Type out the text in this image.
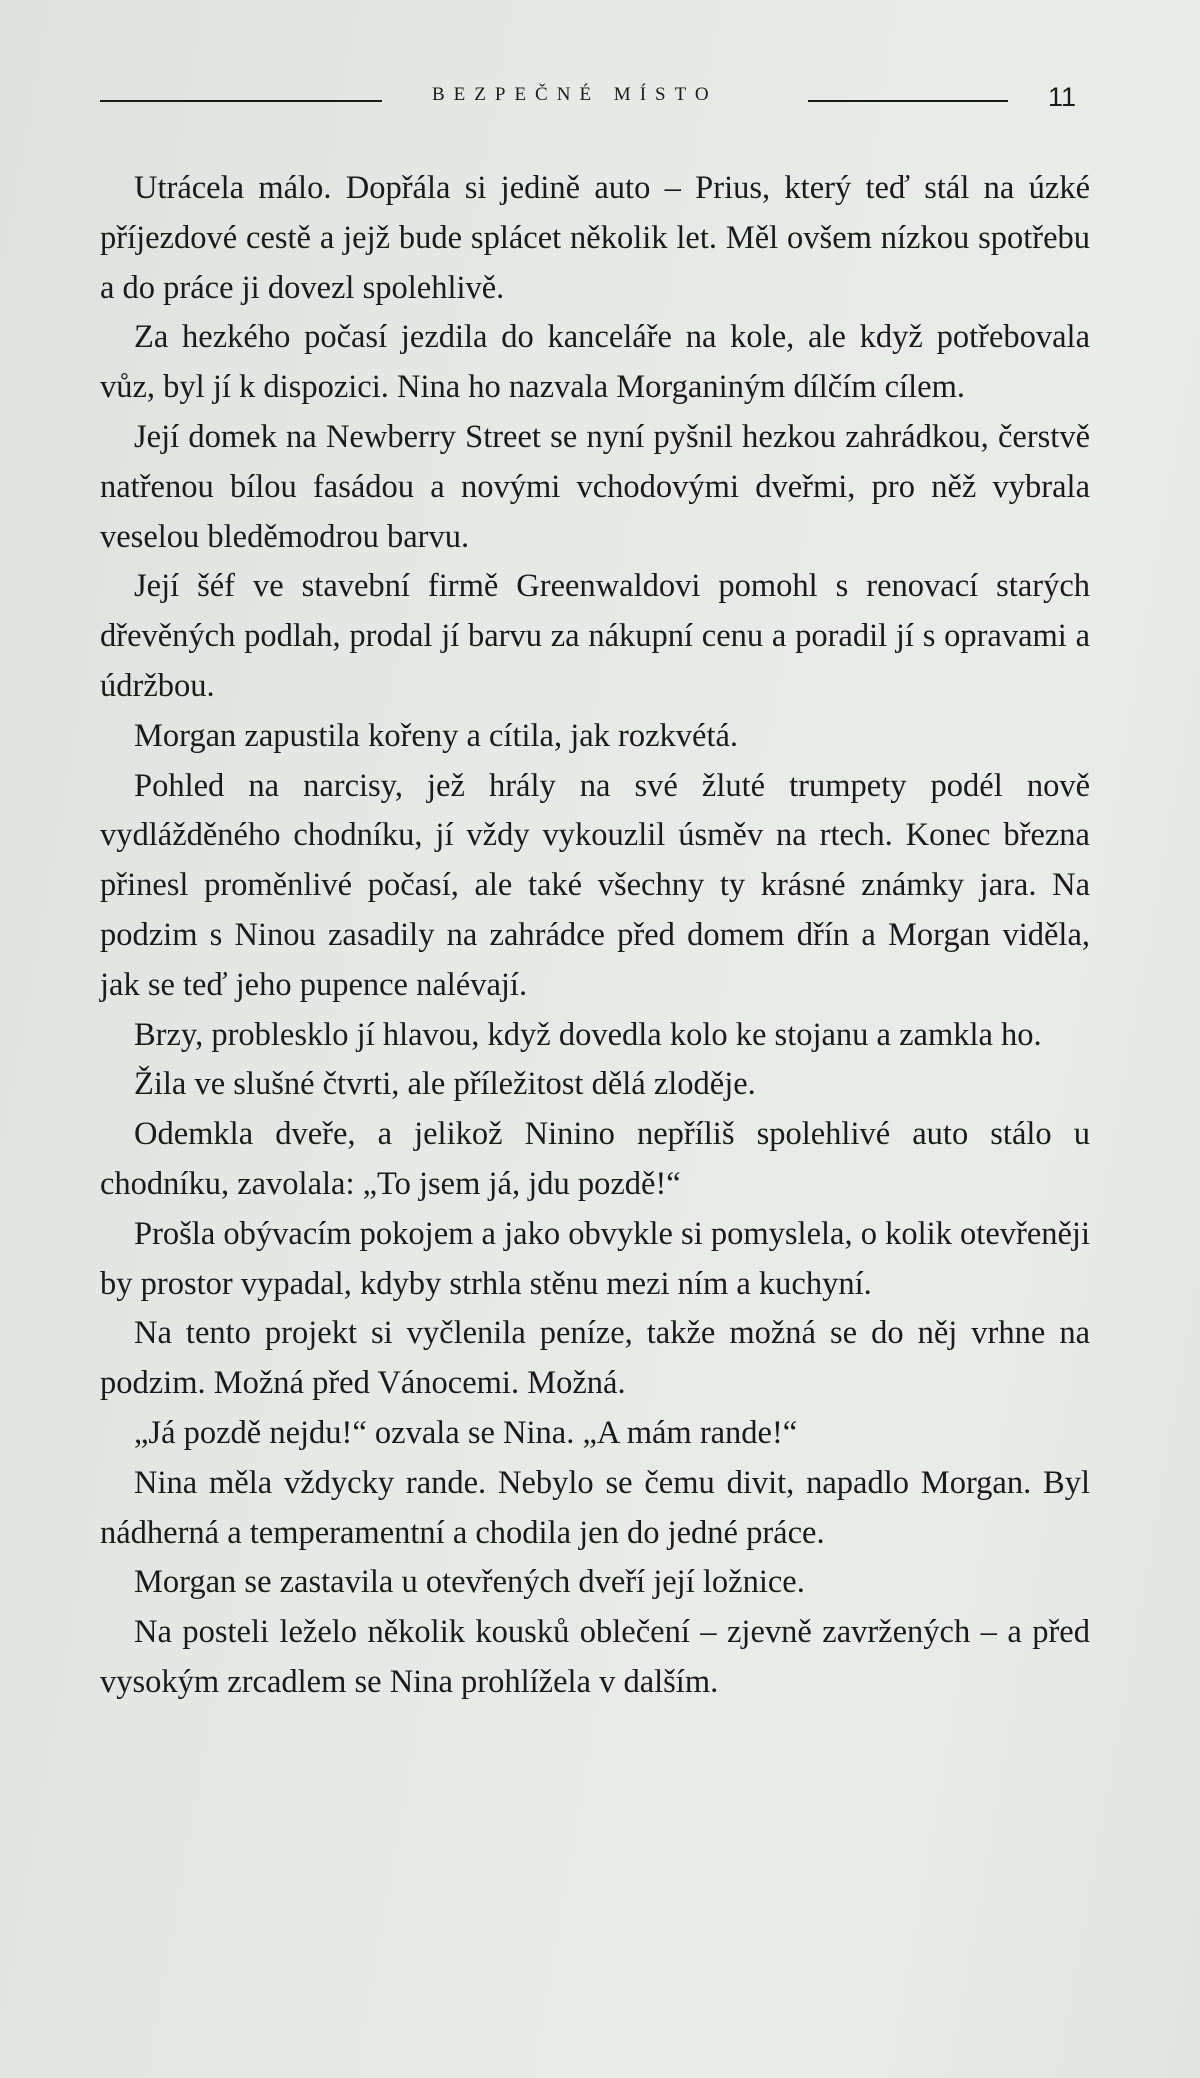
BEZPEČNÉ MÍSTO	11

Utrácela málo. Dopřála si jedině auto – Prius, který teď stál na úzké příjezdové cestě a jejž bude splácet několik let. Měl ovšem nízkou spotřebu a do práce ji dovezl spolehlivě.

Za hezkého počasí jezdila do kanceláře na kole, ale když potřebovala vůz, byl jí k dispozici. Nina ho nazvala Morganiným dílčím cílem.

Její domek na Newberry Street se nyní pyšnil hezkou zahrádkou, čerstvě natřenou bílou fasádou a novými vchodovými dveřmi, pro něž vybrala veselou bleděmodrou barvu.

Její šéf ve stavební firmě Greenwaldovi pomohl s renovací starých dřevěných podlah, prodal jí barvu za nákupní cenu a poradil jí s opravami a údržbou.

Morgan zapustila kořeny a cítila, jak rozkvétá.

Pohled na narcisy, jež hrály na své žluté trumpety podél nově vydlážděného chodníku, jí vždy vykouzlil úsměv na rtech. Konec března přinesl proměnlivé počasí, ale také všechny ty krásné známky jara. Na podzim s Ninou zasadily na zahrádce před domem dřín a Morgan viděla, jak se teď jeho pupence nalévají.

Brzy, problesklo jí hlavou, když dovedla kolo ke stojanu a zamkla ho.

Žila ve slušné čtvrti, ale příležitost dělá zloděje.

Odemkla dveře, a jelikož Ninino nepříliš spolehlivé auto stálo u chodníku, zavolala: „To jsem já, jdu pozdě!“

Prošla obývacím pokojem a jako obvykle si pomyslela, o kolik otevřeněji by prostor vypadal, kdyby strhla stěnu mezi ním a kuchyní.

Na tento projekt si vyčlenila peníze, takže možná se do něj vrhne na podzim. Možná před Vánocemi. Možná.

„Já pozdě nejdu!“ ozvala se Nina. „A mám rande!“

Nina měla vždycky rande. Nebylo se čemu divit, napadlo Morgan. Byl nádherná a temperamentní a chodila jen do jedné práce.

Morgan se zastavila u otevřených dveří její ložnice.

Na posteli leželo několik kousků oblečení – zjevně zavržených – a před vysokým zrcadlem se Nina prohlížela v dalším.
